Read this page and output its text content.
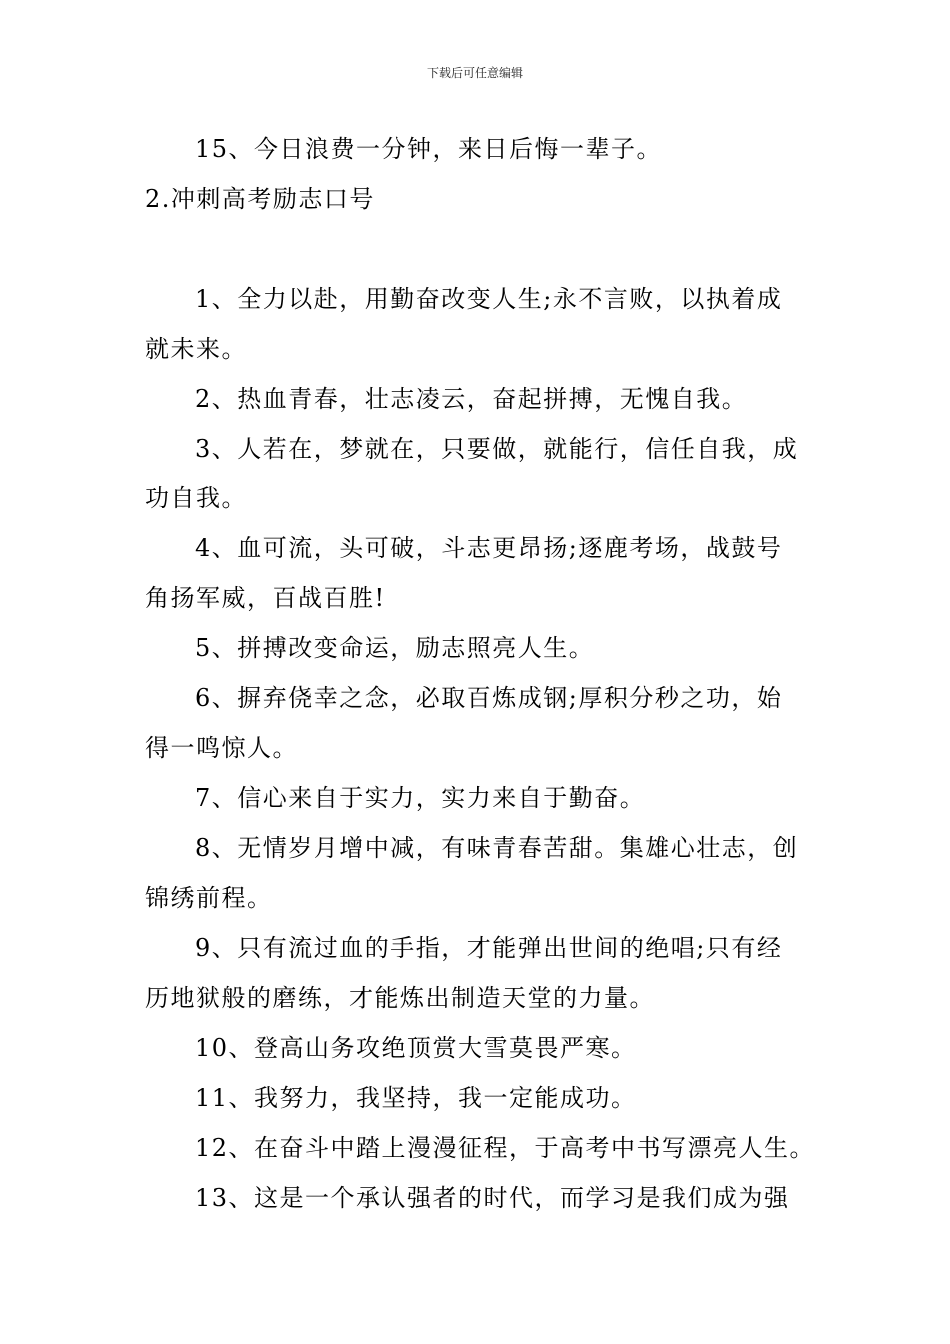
下载后可任意编辑
15、今日浪费一分钟，来日后悔一辈子。
2.冲刺高考励志口号
1、全力以赴，用勤奋改变人生;永不言败，以执着成
就未来。
2、热血青春，壮志凌云，奋起拼搏，无愧自我。
3、人若在，梦就在，只要做，就能行，信任自我，成
功自我。
4、血可流，头可破，斗志更昂扬;逐鹿考场，战鼓号
角扬军威，百战百胜!
5、拼搏改变命运，励志照亮人生。
6、摒弃侥幸之念，必取百炼成钢;厚积分秒之功，始
得一鸣惊人。
7、信心来自于实力，实力来自于勤奋。
8、无情岁月增中减，有味青春苦甜。集雄心壮志，创
锦绣前程。
9、只有流过血的手指，才能弹出世间的绝唱;只有经
历地狱般的磨练，才能炼出制造天堂的力量。
10、登高山务攻绝顶赏大雪莫畏严寒。
11、我努力，我坚持，我一定能成功。
12、在奋斗中踏上漫漫征程，于高考中书写漂亮人生。
13、这是一个承认强者的时代，而学习是我们成为强
